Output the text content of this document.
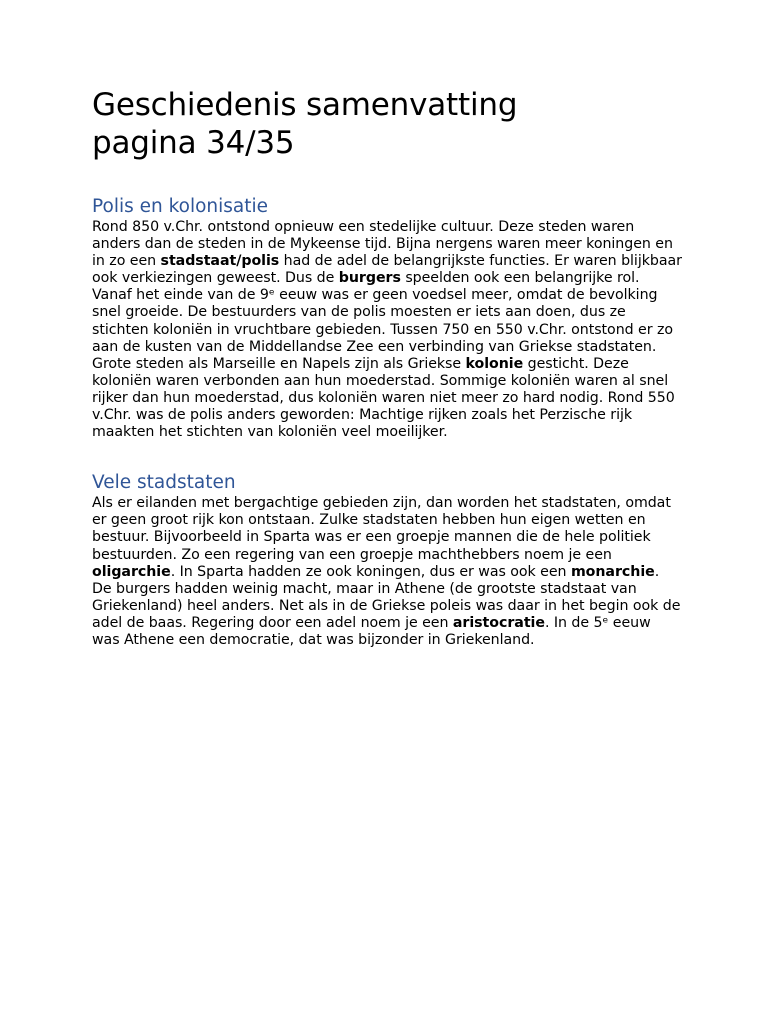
Geschiedenis samenvatting
pagina 34/35
Polis en kolonisatie

Rond 850 v.Chr. ontstond opnieuw een stedelijke cultuur. Deze steden waren anders dan de steden in de Mykeense tijd. Bijna nergens waren meer koningen en in zo een stadstaat/polis had de adel de belangrijkste functies. Er waren blijkbaar ook verkiezingen geweest. Dus de burgers speelden ook een belangrijke rol. Vanaf het einde van de 9ᵉ eeuw was er geen voedsel meer, omdat de bevolking snel groeide. De bestuurders van de polis moesten er iets aan doen, dus ze stichten koloniën in vruchtbare gebieden. Tussen 750 en 550 v.Chr. ontstond er zo aan de kusten van de Middellandse Zee een verbinding van Griekse stadstaten. Grote steden als Marseille en Napels zijn als Griekse kolonie gesticht. Deze koloniën waren verbonden aan hun moederstad. Sommige koloniën waren al snel rijker dan hun moederstad, dus koloniën waren niet meer zo hard nodig. Rond 550 v.Chr. was de polis anders geworden: Machtige rijken zoals het Perzische rijk maakten het stichten van koloniën veel moeilijker.

Vele stadstaten

Als er eilanden met bergachtige gebieden zijn, dan worden het stadstaten, omdat er geen groot rijk kon ontstaan. Zulke stadstaten hebben hun eigen wetten en bestuur. Bijvoorbeeld in Sparta was er een groepje mannen die de hele politiek bestuurden. Zo een regering van een groepje machthebbers noem je een oligarchie. In Sparta hadden ze ook koningen, dus er was ook een monarchie. De burgers hadden weinig macht, maar in Athene (de grootste stadstaat van Griekenland) heel anders. Net als in de Griekse poleis was daar in het begin ook de adel de baas. Regering door een adel noem je een aristocratie. In de 5ᵉ eeuw was Athene een democratie, dat was bijzonder in Griekenland.
